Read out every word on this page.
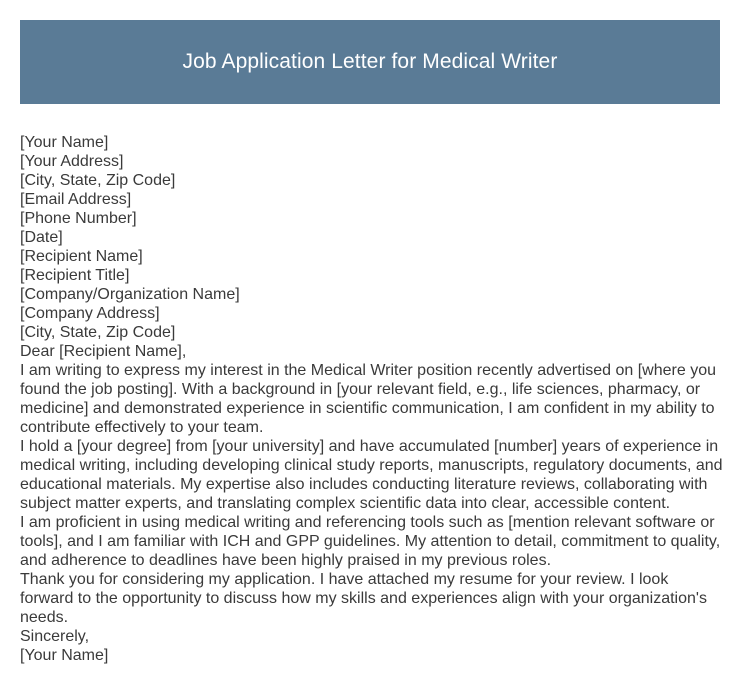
Job Application Letter for Medical Writer

[Your Name]

[Your Address]

[City, State, Zip Code]

[Email Address]

[Phone Number]

[Date]

[Recipient Name]

[Recipient Title]

[Company/Organization Name]

[Company Address]

[City, State, Zip Code]

Dear [Recipient Name],

I am writing to express my interest in the Medical Writer position recently advertised on [where you found the job posting]. With a background in [your relevant field, e.g., life sciences, pharmacy, or medicine] and demonstrated experience in scientific communication, I am confident in my ability to contribute effectively to your team.

I hold a [your degree] from [your university] and have accumulated [number] years of experience in medical writing, including developing clinical study reports, manuscripts, regulatory documents, and educational materials. My expertise also includes conducting literature reviews, collaborating with subject matter experts, and translating complex scientific data into clear, accessible content.

I am proficient in using medical writing and referencing tools such as [mention relevant software or tools], and I am familiar with ICH and GPP guidelines. My attention to detail, commitment to quality, and adherence to deadlines have been highly praised in my previous roles.

Thank you for considering my application. I have attached my resume for your review. I look forward to the opportunity to discuss how my skills and experiences align with your organization's needs.

Sincerely,

[Your Name]
